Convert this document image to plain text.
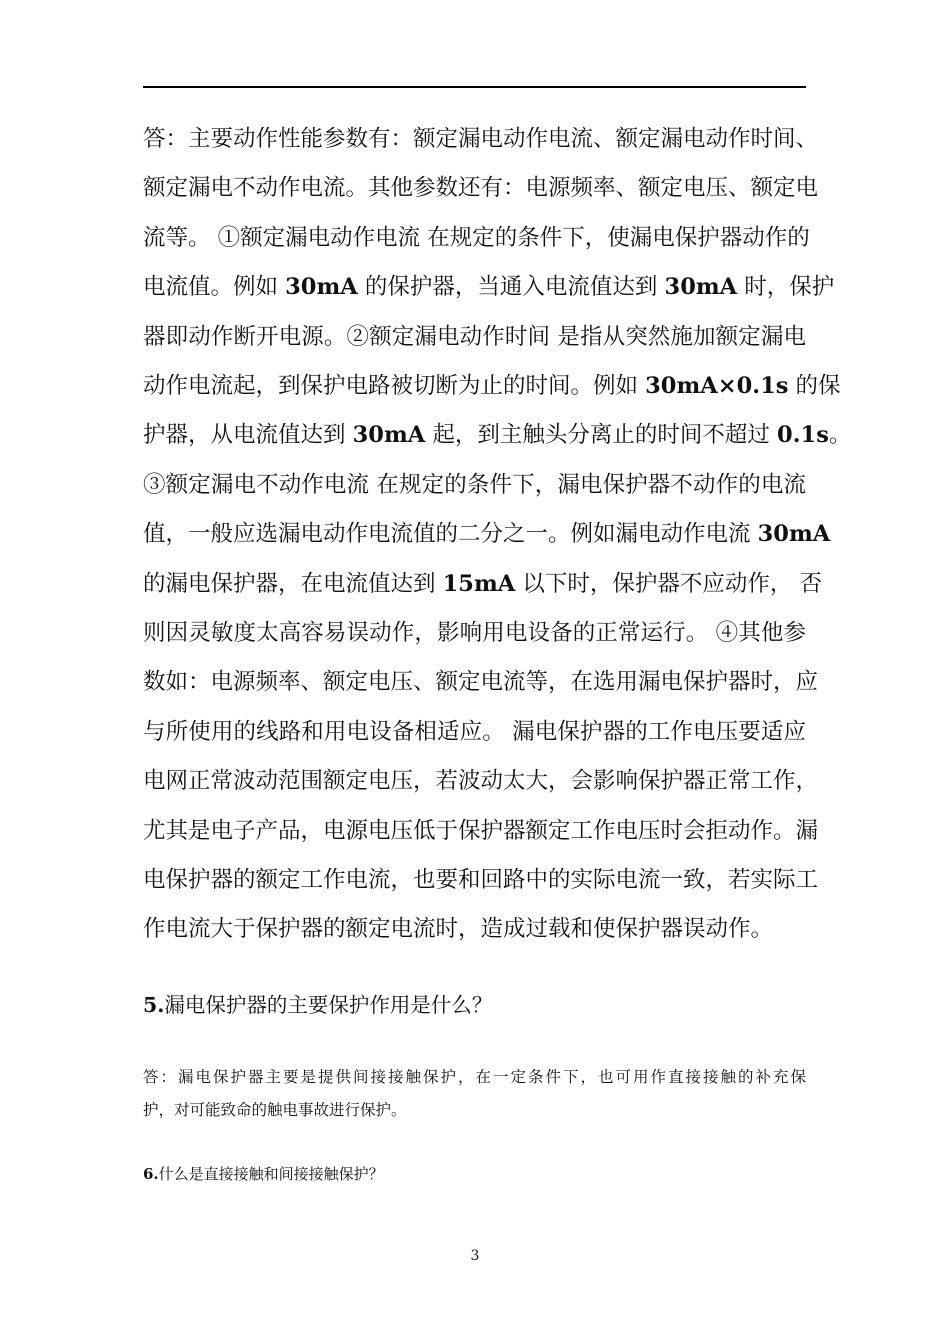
答：主要动作性能参数有：额定漏电动作电流、额定漏电动作时间、
额定漏电不动作电流。其他参数还有：电源频率、额定电压、额定电
流等。 ①额定漏电动作电流 在规定的条件下，使漏电保护器动作的
电流值。例如 30mA 的保护器，当通入电流值达到 30mA 时，保护
器即动作断开电源。②额定漏电动作时间 是指从突然施加额定漏电
动作电流起，到保护电路被切断为止的时间。例如 30mA×0.1s 的保
护器，从电流值达到 30mA 起，到主触头分离止的时间不超过 0.1s。
③额定漏电不动作电流 在规定的条件下，漏电保护器不动作的电流
值，一般应选漏电动作电流值的二分之一。例如漏电动作电流 30mA
的漏电保护器，在电流值达到 15mA 以下时，保护器不应动作， 否
则因灵敏度太高容易误动作，影响用电设备的正常运行。 ④其他参
数如：电源频率、额定电压、额定电流等，在选用漏电保护器时，应
与所使用的线路和用电设备相适应。 漏电保护器的工作电压要适应
电网正常波动范围额定电压，若波动太大，会影响保护器正常工作，
尤其是电子产品，电源电压低于保护器额定工作电压时会拒动作。漏
电保护器的额定工作电流，也要和回路中的实际电流一致，若实际工
作电流大于保护器的额定电流时，造成过载和使保护器误动作。
5.漏电保护器的主要保护作用是什么？
答：漏电保护器主要是提供间接接触保护，在一定条件下，也可用作直接接触的补充保
护，对可能致命的触电事故进行保护。
6.什么是直接接触和间接接触保护？
3
